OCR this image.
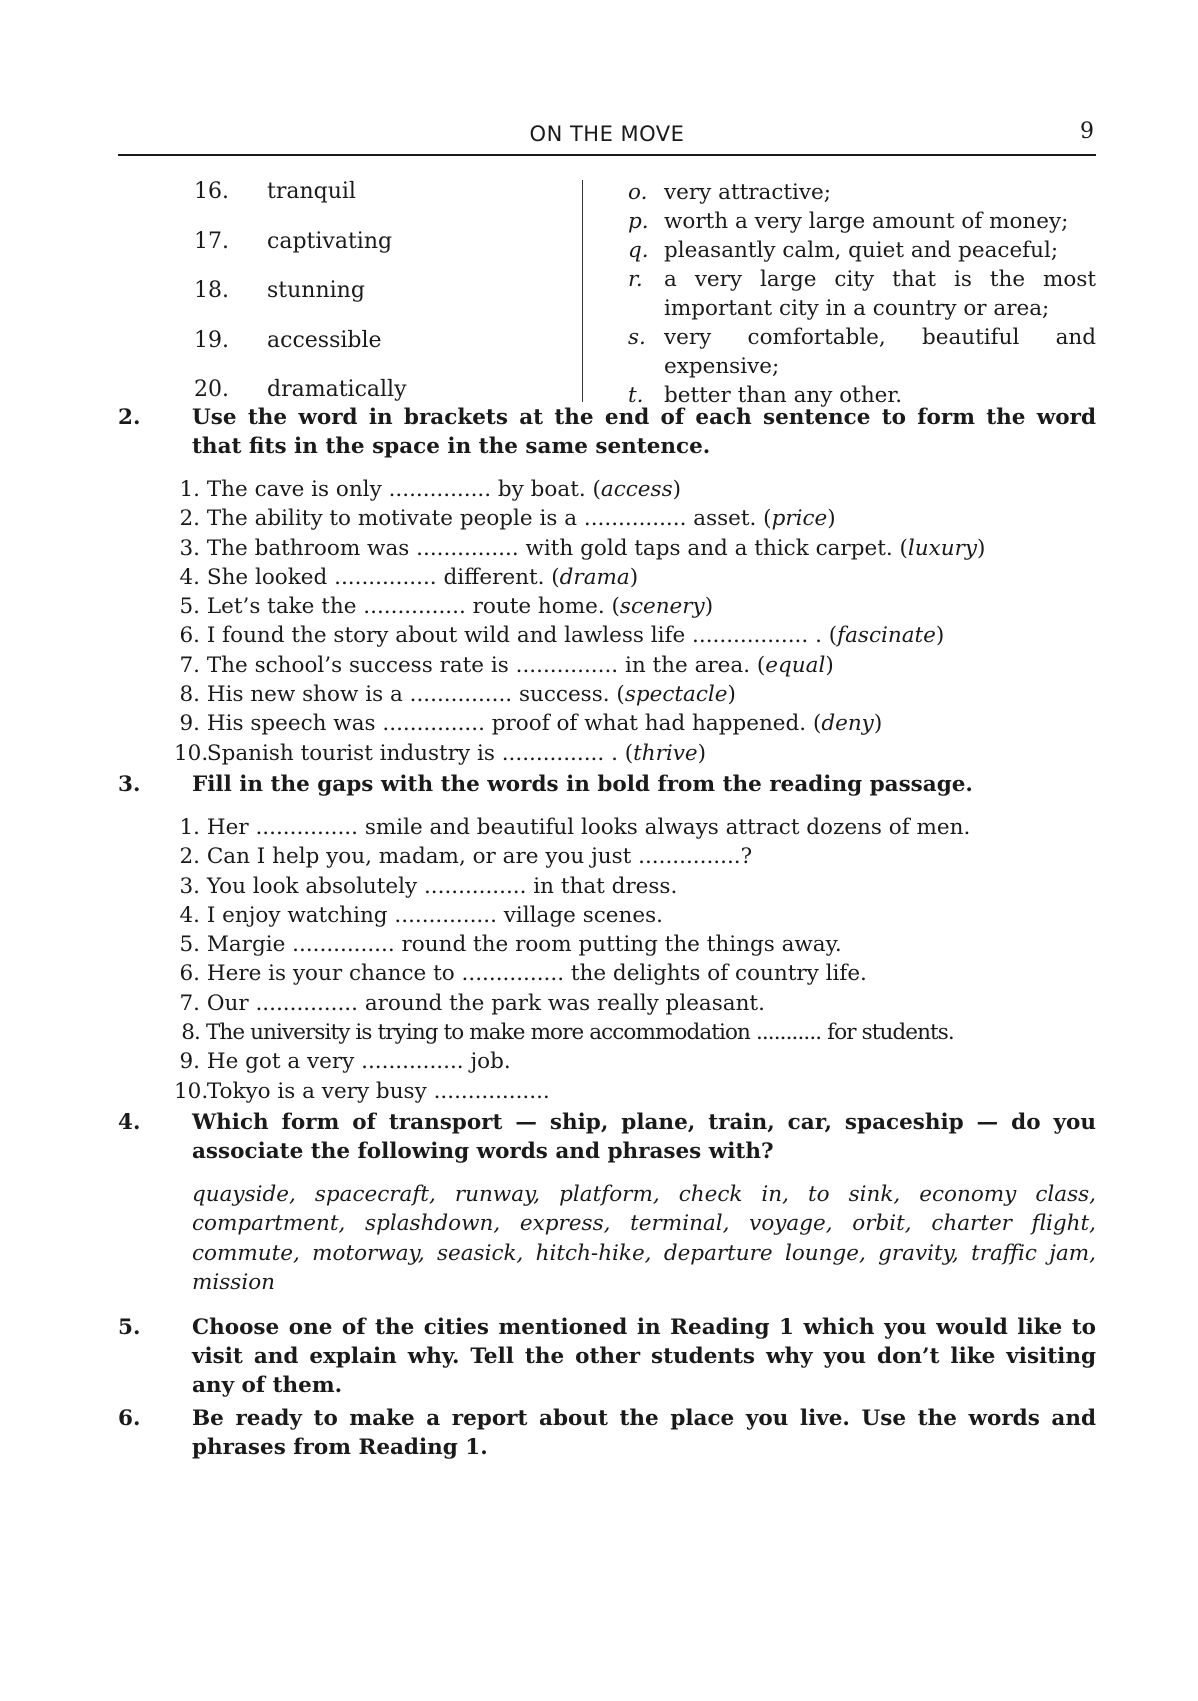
ON THE MOVE	9
16. tranquil
17. captivating
18. stunning
19. accessible
20. dramatically
o. very attractive;
p. worth a very large amount of money;
q. pleasantly calm, quiet and peaceful;
r. a very large city that is the most important city in a country or area;
s. very comfortable, beautiful and expensive;
t. better than any other.
2. Use the word in brackets at the end of each sentence to form the word that fits in the space in the same sentence.
1. The cave is only ............... by boat. (access)
2. The ability to motivate people is a ............... asset. (price)
3. The bathroom was ............... with gold taps and a thick carpet. (luxury)
4. She looked ............... different. (drama)
5. Let’s take the ............... route home. (scenery)
6. I found the story about wild and lawless life ................. . (fascinate)
7. The school’s success rate is ............... in the area. (equal)
8. His new show is a ............... success. (spectacle)
9. His speech was ............... proof of what had happened. (deny)
10. Spanish tourist industry is ............... . (thrive)
3. Fill in the gaps with the words in bold from the reading passage.
1. Her ............... smile and beautiful looks always attract dozens of men.
2. Can I help you, madam, or are you just ...............?
3. You look absolutely ............... in that dress.
4. I enjoy watching ............... village scenes.
5. Margie ............... round the room putting the things away.
6. Here is your chance to ............... the delights of country life.
7. Our ............... around the park was really pleasant.
8. The university is trying to make more accommodation ........... for students.
9. He got a very ............... job.
10. Tokyo is a very busy .................
4. Which form of transport — ship, plane, train, car, spaceship — do you associate the following words and phrases with?
quayside, spacecraft, runway, platform, check in, to sink, economy class, compartment, splashdown, express, terminal, voyage, orbit, charter flight, commute, motorway, seasick, hitch-hike, departure lounge, gravity, traffic jam, mission
5. Choose one of the cities mentioned in Reading 1 which you would like to visit and explain why. Tell the other students why you don’t like visiting any of them.
6. Be ready to make a report about the place you live. Use the words and phrases from Reading 1.
